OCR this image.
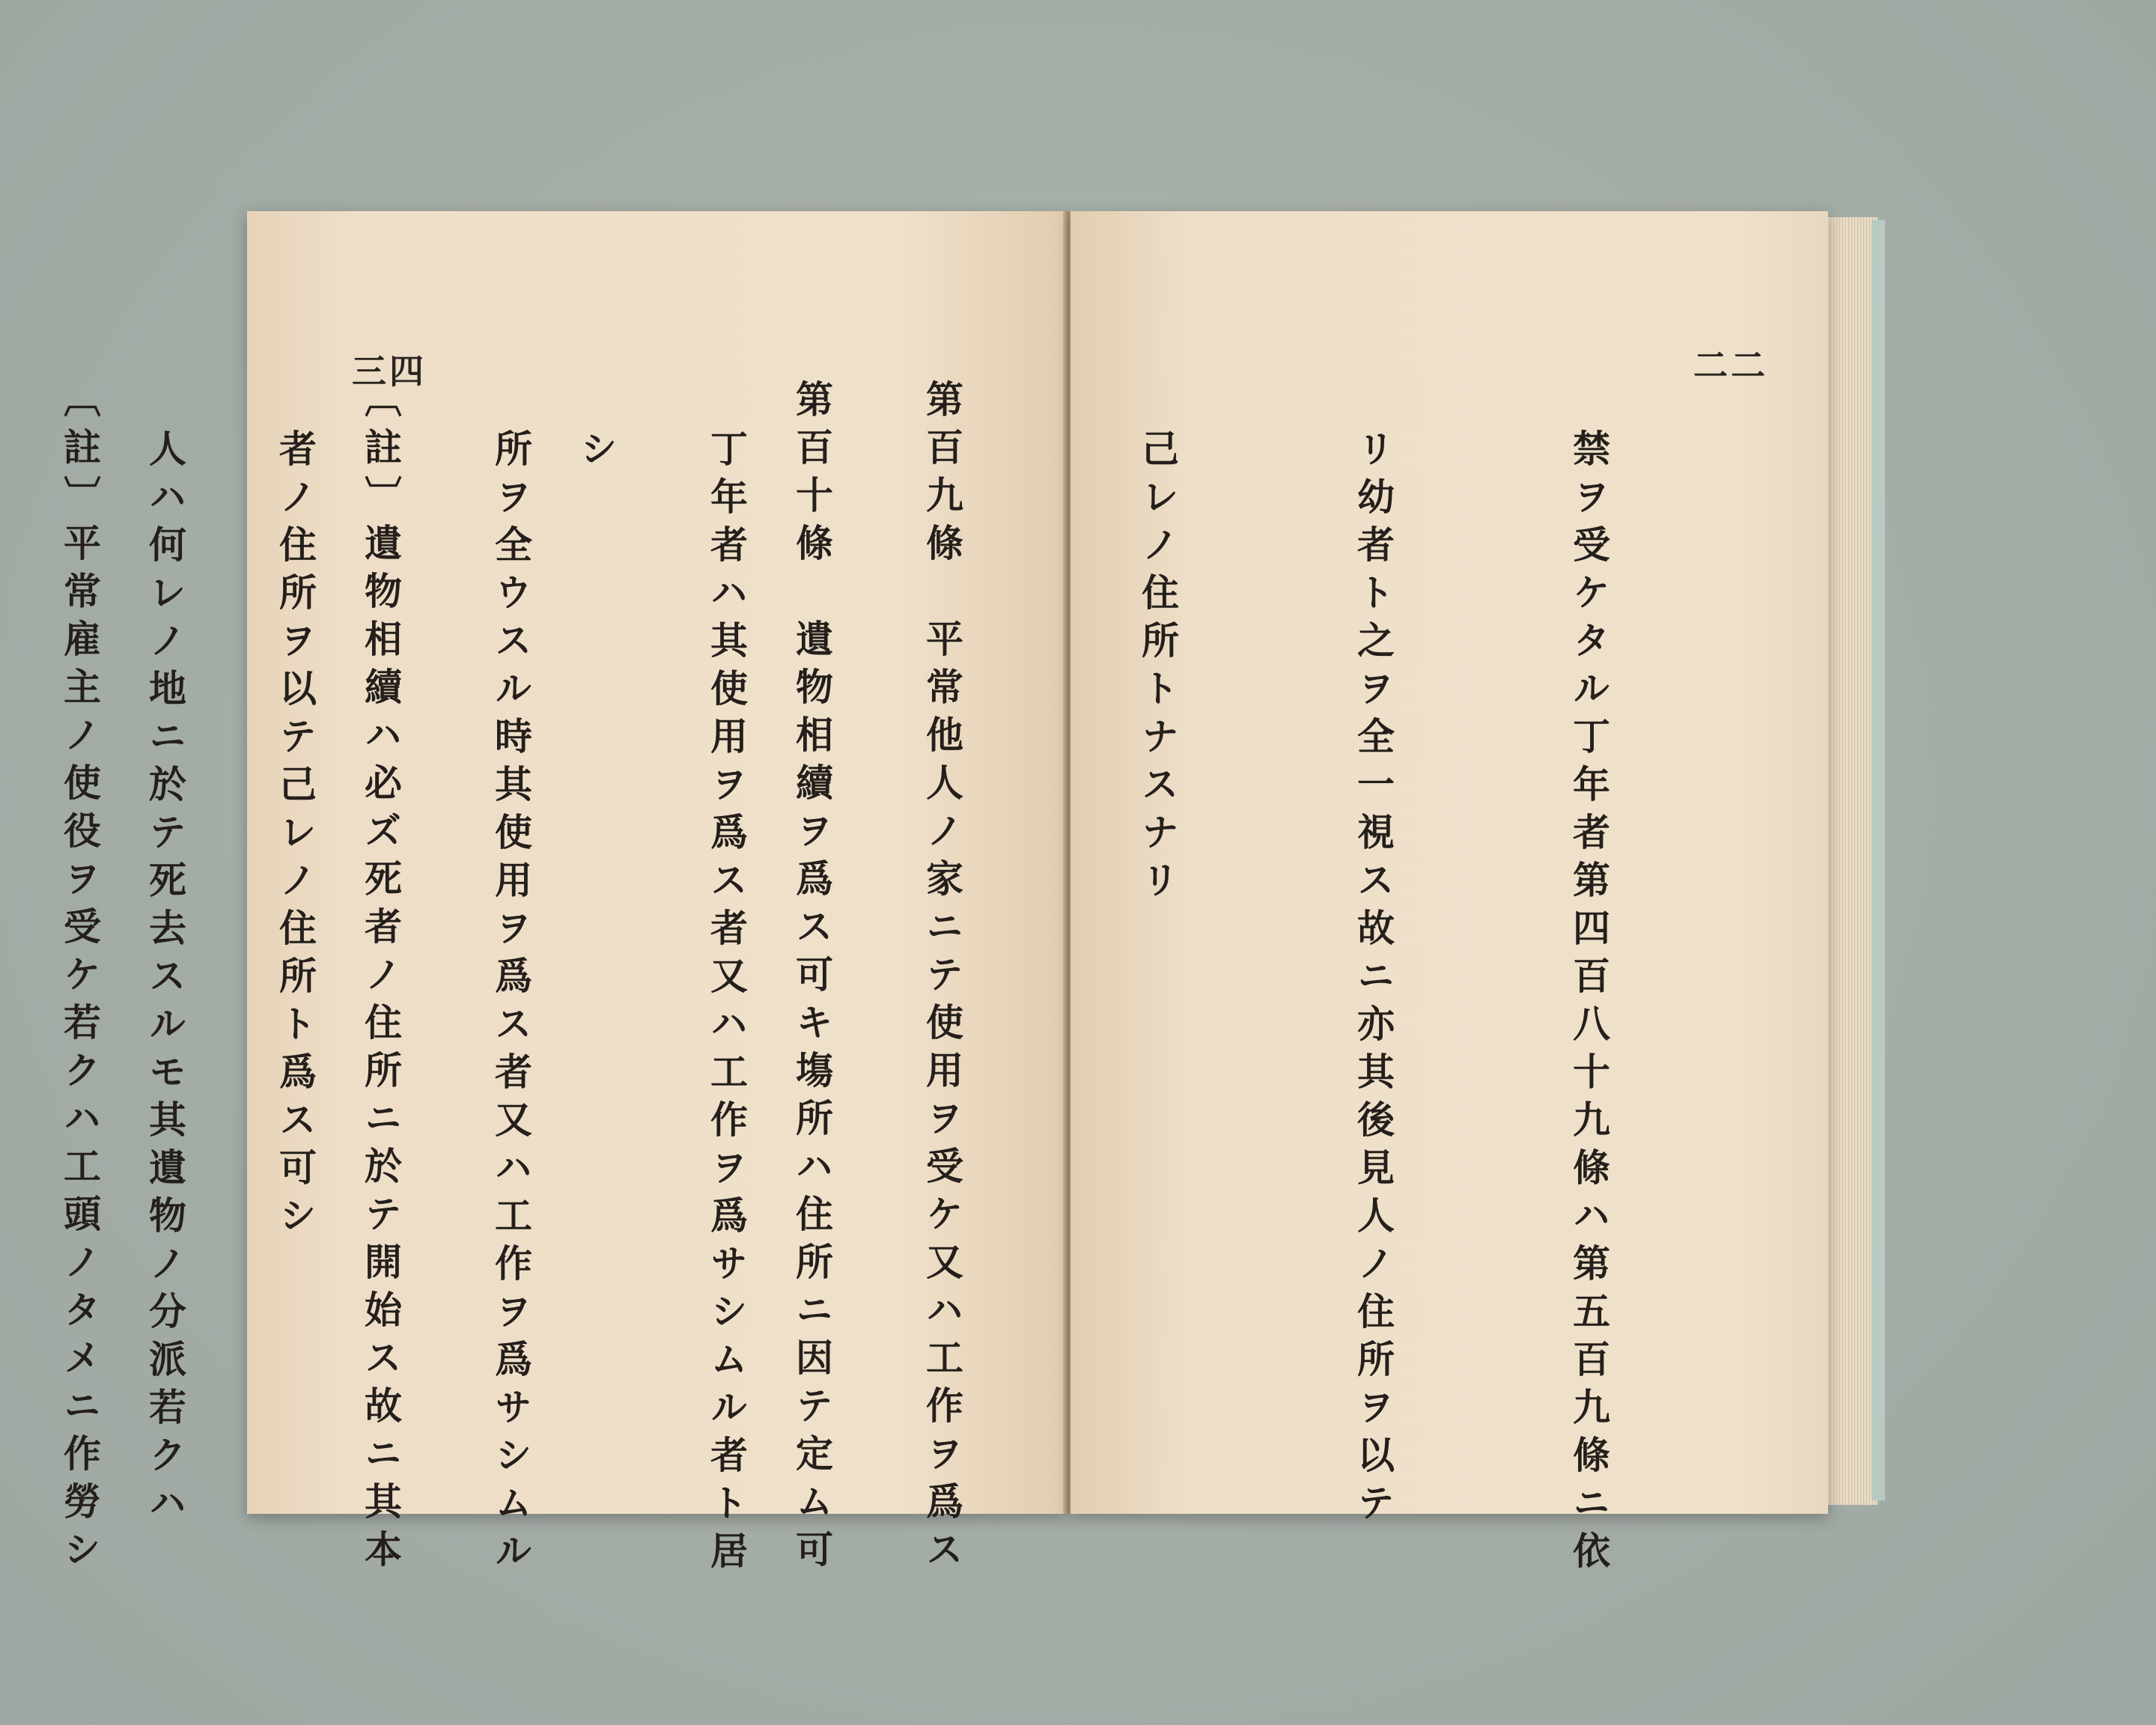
三四

第百十條　遺物相續ヲ爲ス可キ塲所ハ住所ニ因テ定ム可

シ

〔註〕遺物相續ハ必ズ死者ノ住所ニ於テ開始ス故ニ其本

人ハ何レノ地ニ於テ死去スルモ其遺物ノ分派若クハ

二二

禁ヲ受ケタル丁年者第四百八十九條ハ第五百九條ニ依

リ幼者ト之ヲ全一視ス故ニ亦其後見人ノ住所ヲ以テ

己レノ住所トナスナリ

第百九條　平常他人ノ家ニテ使用ヲ受ケ又ハ工作ヲ爲ス

丁年者ハ其使用ヲ爲ス者又ハ工作ヲ爲サシムル者ト居

所ヲ全ウスル時其使用ヲ爲ス者又ハ工作ヲ爲サシムル

者ノ住所ヲ以テ己レノ住所ト爲ス可シ

〔註〕平常雇主ノ使役ヲ受ケ若クハ工頭ノタメニ作勞シ
